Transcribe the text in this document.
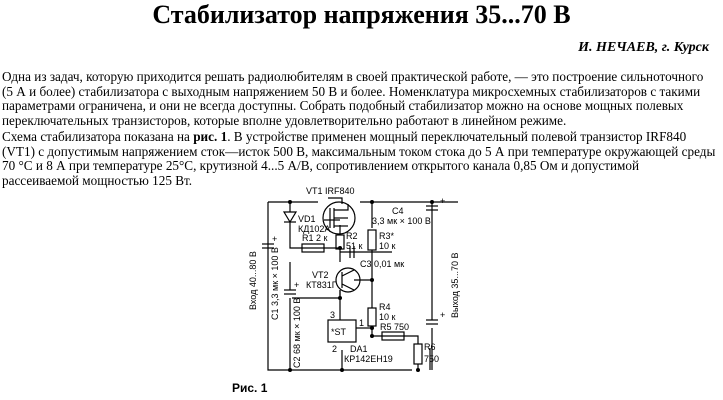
Стабилизатор напряжения 35...70 В
И. НЕЧАЕВ, г. Курск

Одна из задач, которую приходится решать радиолюбителям в своей практической работе, — это построение сильноточного (5 А и более) стабилизатора с выходным напряжением 50 В и более. Номенклатура микросхемных стабилизаторов с такими параметрами ограничена, и они не всегда доступны. Собрать подобный стабилизатор можно на основе мощных полевых переключательных транзисторов, которые вполне удовлетворительно работают в линейном режиме.

Схема стабилизатора показана на рис. 1. В устройстве применен мощный переключательный полевой транзистор IRF840 (VT1) с допустимым напряжением сток—исток 500 В, максимальным током стока до 5 А при температуре окружающей среды 70 °С и 8 А при температуре 25°С, крутизной 4...5 А/В, сопротивлением открытого канала 0,85 Ом и допустимой рассеиваемой мощностью 125 Вт.

VT1 IRF840
VD1
КД102А
C4
3,3 мк × 100 В
R2
51 к
R3*
10 к
R1 2 к
C3 0,01 мк
Вход 40...80 В C1 3,3 мк × 100 В
C2 68 мк × 100 В
VT2
КТ831Г
R4
10 к
R5 750
3
1
2
*ST
DA1
КР142ЕН19
R6
750
Выход 35...70 В
+
+
+
+
Рис. 1
